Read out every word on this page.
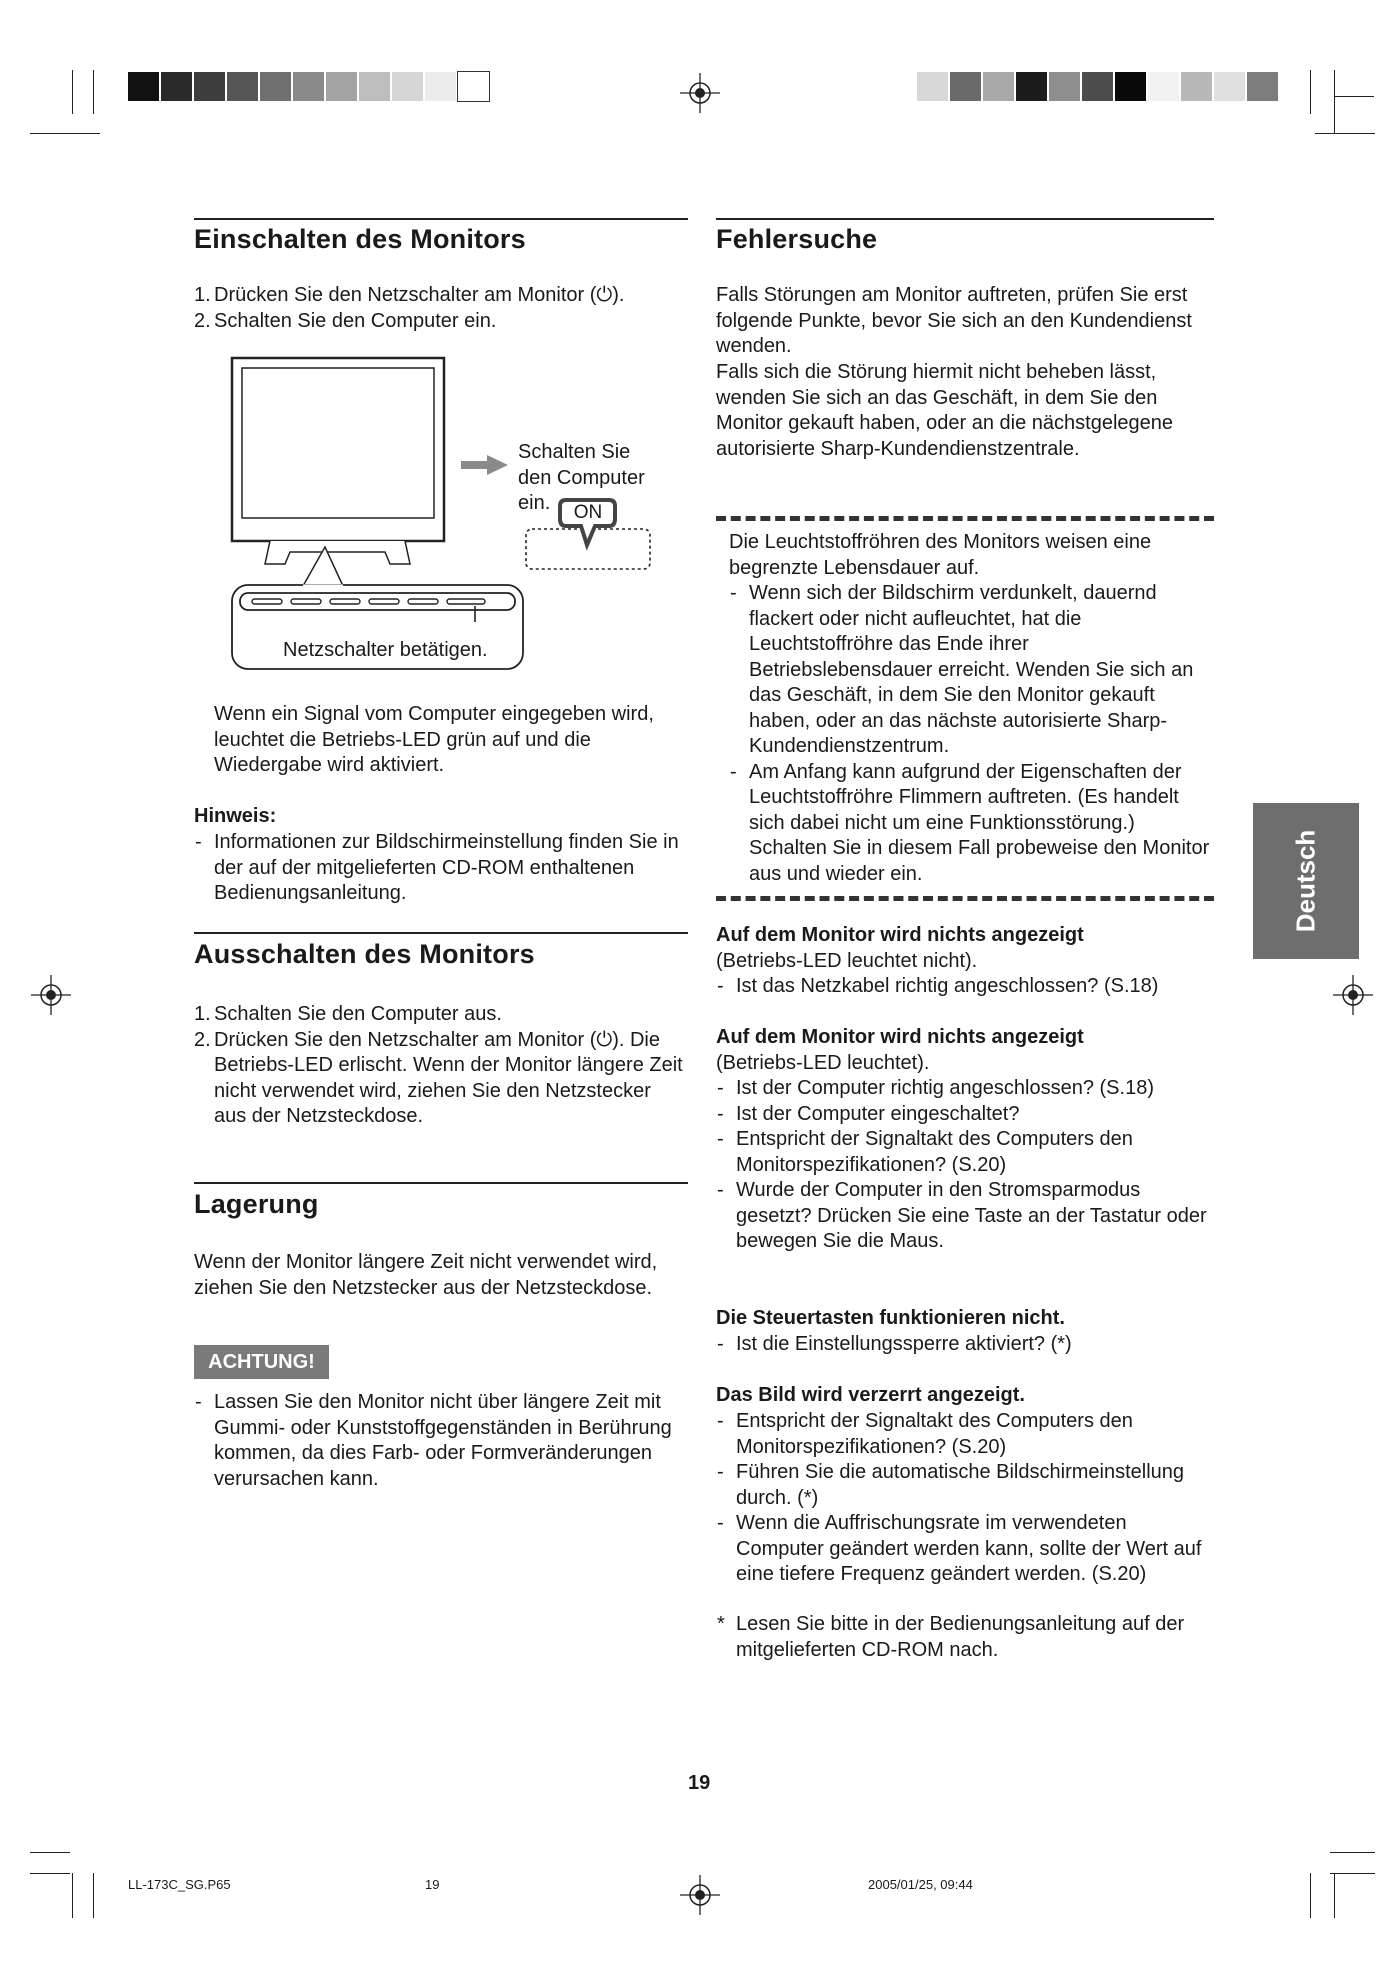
Einschalten des Monitors
1. Drücken Sie den Netzschalter am Monitor (⏻).
2. Schalten Sie den Computer ein.
Schalten Sie den Computer ein.	ON
Netzschalter betätigen.

Wenn ein Signal vom Computer eingegeben wird, leuchtet die Betriebs-LED grün auf und die Wiedergabe wird aktiviert.

Hinweis:

- Informationen zur Bildschirmeinstellung finden Sie in der auf der mitgelieferten CD-ROM enthaltenen Bedienungsanleitung.
Ausschalten des Monitors
1. Schalten Sie den Computer aus.
2. Drücken Sie den Netzschalter am Monitor (⏻). Die Betriebs-LED erlischt. Wenn der Monitor längere Zeit nicht verwendet wird, ziehen Sie den Netzstecker aus der Netzsteckdose.
Lagerung

Wenn der Monitor längere Zeit nicht verwendet wird, ziehen Sie den Netzstecker aus der Netzsteckdose.

ACHTUNG!
- Lassen Sie den Monitor nicht über längere Zeit mit Gummi- oder Kunststoffgegenständen in Berührung kommen, da dies Farb- oder Formveränderungen verursachen kann.
Fehlersuche

Falls Störungen am Monitor auftreten, prüfen Sie erst folgende Punkte, bevor Sie sich an den Kundendienst wenden.

Falls sich die Störung hiermit nicht beheben lässt, wenden Sie sich an das Geschäft, in dem Sie den Monitor gekauft haben, oder an die nächstgelegene autorisierte Sharp-Kundendienstzentrale.

Die Leuchtstoffröhren des Monitors weisen eine begrenzte Lebensdauer auf.

- Wenn sich der Bildschirm verdunkelt, dauernd flackert oder nicht aufleuchtet, hat die Leuchtstoffröhre das Ende ihrer Betriebslebensdauer erreicht. Wenden Sie sich an das Geschäft, in dem Sie den Monitor gekauft haben, oder an das nächste autorisierte Sharp-Kundendienstzentrum.
- Am Anfang kann aufgrund der Eigenschaften der Leuchtstoffröhre Flimmern auftreten. (Es handelt sich dabei nicht um eine Funktionsstörung.) Schalten Sie in diesem Fall probeweise den Monitor aus und wieder ein.

Auf dem Monitor wird nichts angezeigt

(Betriebs-LED leuchtet nicht).

- Ist das Netzkabel richtig angeschlossen? (S.18)

Auf dem Monitor wird nichts angezeigt

(Betriebs-LED leuchtet).

- Ist der Computer richtig angeschlossen? (S.18)
- Ist der Computer eingeschaltet?
- Entspricht der Signaltakt des Computers den Monitorspezifikationen? (S.20)
- Wurde der Computer in den Stromsparmodus gesetzt? Drücken Sie eine Taste an der Tastatur oder bewegen Sie die Maus.

Die Steuertasten funktionieren nicht.

- Ist die Einstellungssperre aktiviert? (*)

Das Bild wird verzerrt angezeigt.

- Entspricht der Signaltakt des Computers den Monitorspezifikationen? (S.20)
- Führen Sie die automatische Bildschirmeinstellung durch. (*)
- Wenn die Auffrischungsrate im verwendeten Computer geändert werden kann, sollte der Wert auf eine tiefere Frequenz geändert werden. (S.20)
* Lesen Sie bitte in der Bedienungsanleitung auf der mitgelieferten CD-ROM nach.
Deutsch
19
LL-173C_SG.P65	19	2005/01/25, 09:44
